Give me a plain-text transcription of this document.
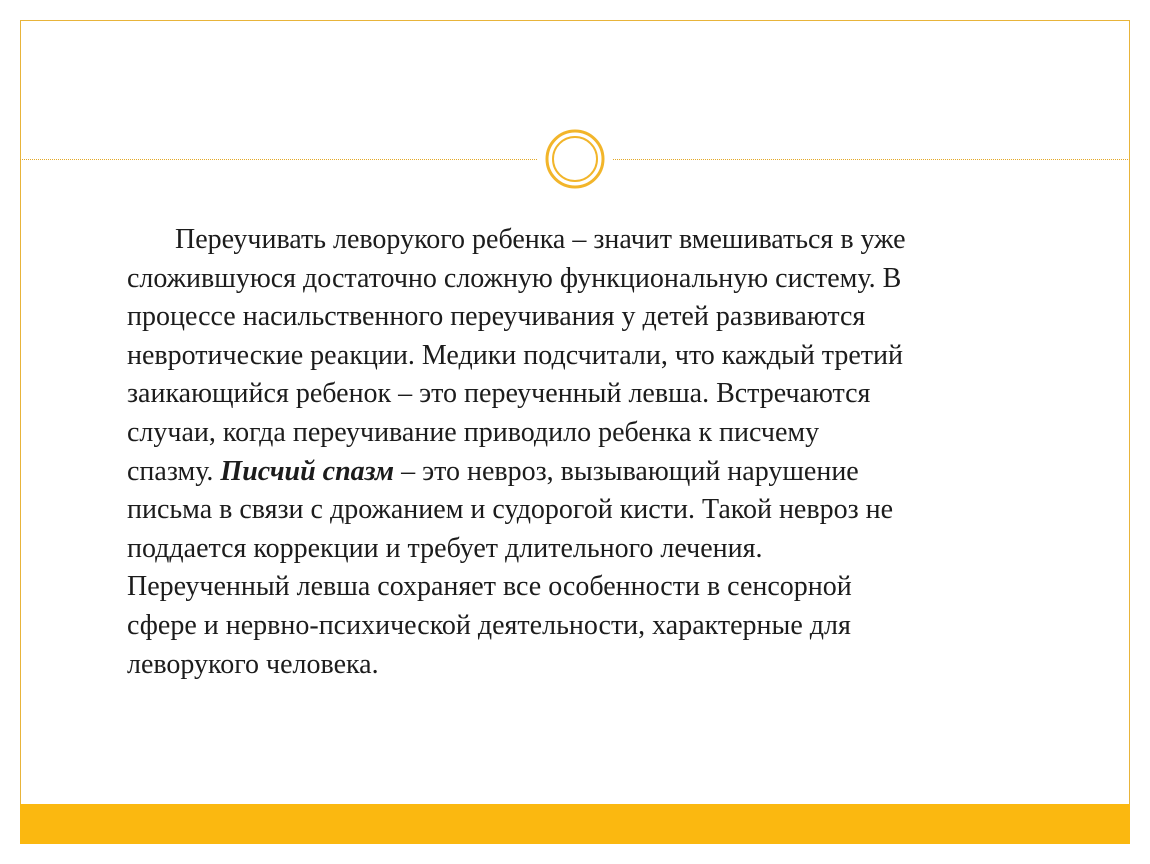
Переучивать леворукого ребенка – значит вмешиваться в уже
сложившуюся достаточно сложную функциональную систему. В
процессе насильственного переучивания у детей развиваются
невротические реакции. Медики подсчитали, что каждый третий
заикающийся ребенок – это переученный левша. Встречаются
случаи, когда переучивание приводило ребенка к писчему
спазму. Писчий спазм – это невроз, вызывающий нарушение
письма в связи с дрожанием и судорогой кисти. Такой невроз не
поддается коррекции и требует длительного лечения.
Переученный левша сохраняет все особенности в сенсорной
сфере и нервно-психической деятельности, характерные для
леворукого человека.
